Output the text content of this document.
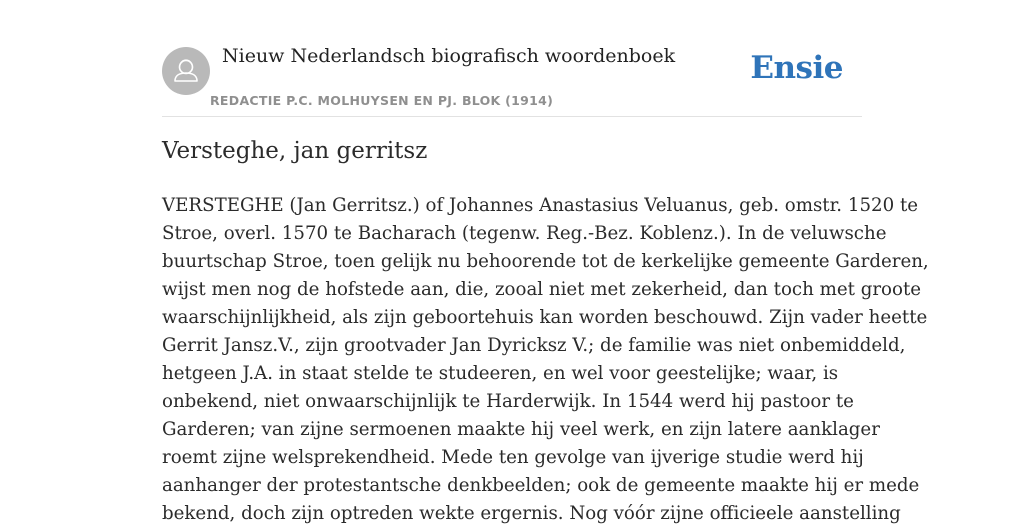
Nieuw Nederlandsch biografisch woordenboek
REDACTIE P.C. MOLHUYSEN EN PJ. BLOK (1914)
Ensie
Versteghe, jan gerritsz
VERSTEGHE (Jan Gerritsz.) of Johannes Anastasius Veluanus, geb. omstr. 1520 te
Stroe, overl. 1570 te Bacharach (tegenw. Reg.-Bez. Koblenz.). In de veluwsche
buurtschap Stroe, toen gelijk nu behoorende tot de kerkelijke gemeente Garderen,
wijst men nog de hofstede aan, die, zooal niet met zekerheid, dan toch met groote
waarschijnlijkheid, als zijn geboortehuis kan worden beschouwd. Zijn vader heette
Gerrit Jansz.V., zijn grootvader Jan Dyricksz V.; de familie was niet onbemiddeld,
hetgeen J.A. in staat stelde te studeeren, en wel voor geestelijke; waar, is
onbekend, niet onwaarschijnlijk te Harderwijk. In 1544 werd hij pastoor te
Garderen; van zijne sermoenen maakte hij veel werk, en zijn latere aanklager
roemt zijne welsprekendheid. Mede ten gevolge van ijverige studie werd hij
aanhanger der protestantsche denkbeelden; ook de gemeente maakte hij er mede
bekend, doch zijn optreden wekte ergernis. Nog vóór zijne officieele aanstelling
